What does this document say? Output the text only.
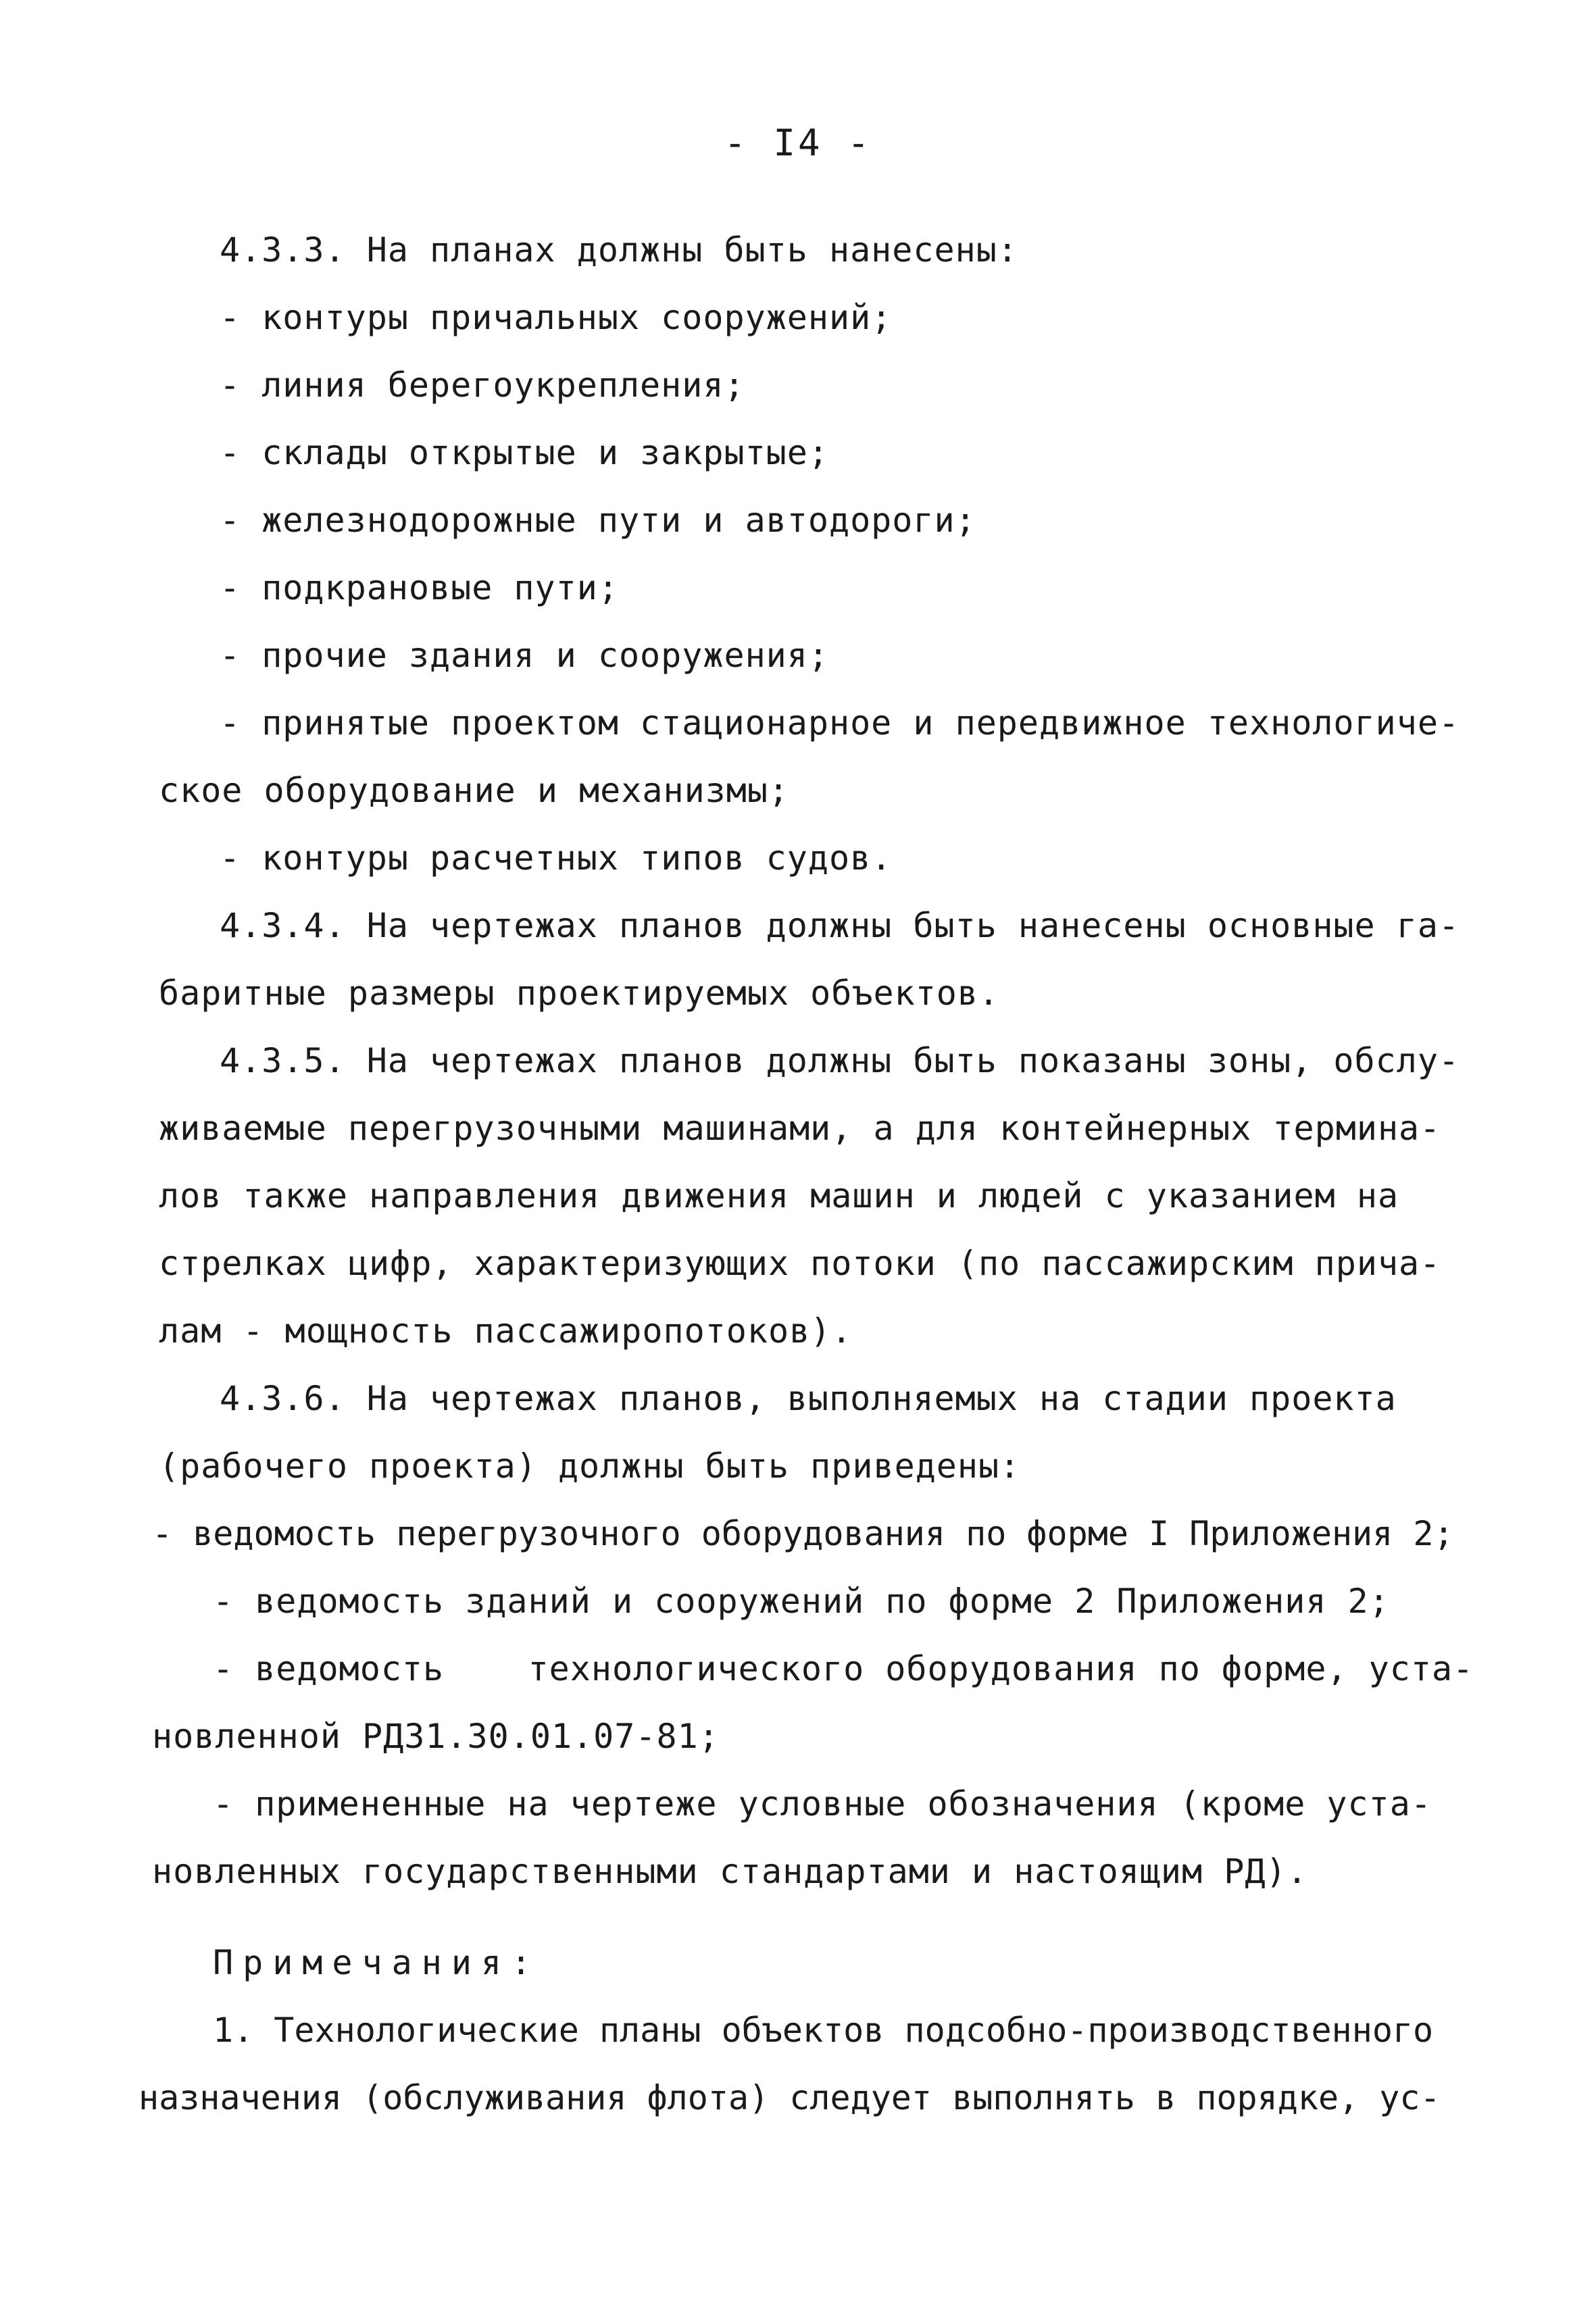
- I4 -
4.3.3. На планах должны быть нанесены:
- контуры причальных сооружений;
- линия берегоукрепления;
- склады открытые и закрытые;
- железнодорожные пути и автодороги;
- подкрановые пути;
- прочие здания и сооружения;
- принятые проектом стационарное и передвижное технологиче-
ское оборудование и механизмы;
- контуры расчетных типов судов.
4.3.4. На чертежах планов должны быть нанесены основные га-
баритные размеры проектируемых объектов.
4.3.5. На чертежах планов должны быть показаны зоны, обслу-
живаемые перегрузочными машинами, а для контейнерных термина-
лов также направления движения машин и людей с указанием на
стрелках цифр, характеризующих потоки (по пассажирским прича-
лам - мощность пассажиропотоков).
4.3.6. На чертежах планов, выполняемых на стадии проекта
(рабочего проекта) должны быть приведены:
- ведомость перегрузочного оборудования по форме I Приложения 2;
- ведомость зданий и сооружений по форме 2 Приложения 2;
- ведомость    технологического оборудования по форме, уста-
новленной РД31.30.01.07-81;
- примененные на чертеже условные обозначения (кроме уста-
новленных государственными стандартами и настоящим РД).
Примечания:
1. Технологические планы объектов подсобно-производственного
назначения (обслуживания флота) следует выполнять в порядке, ус-
